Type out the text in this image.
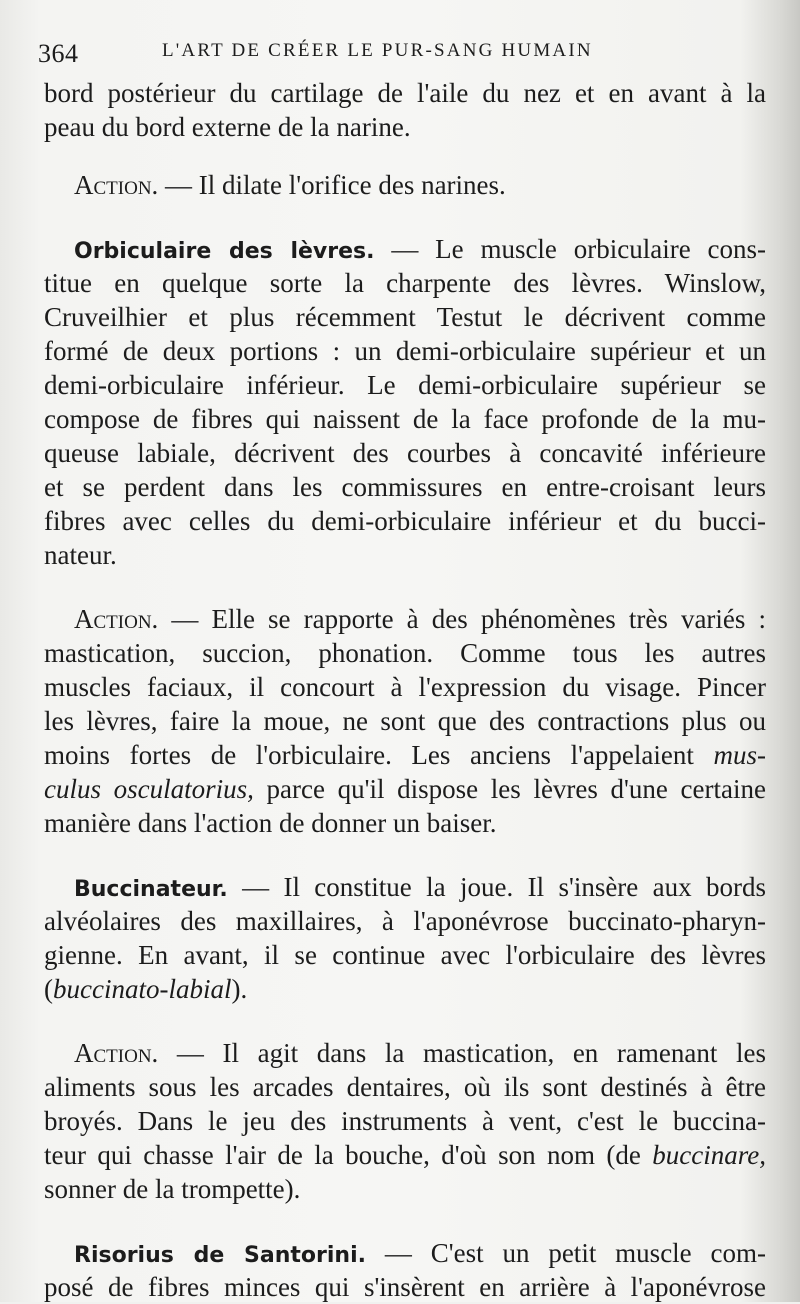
364	L'ART DE CRÉER LE PUR-SANG HUMAIN
bord postérieur du cartilage de l'aile du nez et en avant à la
peau du bord externe de la narine.
Action. — Il dilate l'orifice des narines.
Orbiculaire des lèvres. — Le muscle orbiculaire cons-
titue en quelque sorte la charpente des lèvres. Winslow,
Cruveilhier et plus récemment Testut le décrivent comme
formé de deux portions : un demi-orbiculaire supérieur et un
demi-orbiculaire inférieur. Le demi-orbiculaire supérieur se
compose de fibres qui naissent de la face profonde de la mu-
queuse labiale, décrivent des courbes à concavité inférieure
et se perdent dans les commissures en entre-croisant leurs
fibres avec celles du demi-orbiculaire inférieur et du bucci-
nateur.
Action. — Elle se rapporte à des phénomènes très variés :
mastication, succion, phonation. Comme tous les autres
muscles faciaux, il concourt à l'expression du visage. Pincer
les lèvres, faire la moue, ne sont que des contractions plus ou
moins fortes de l'orbiculaire. Les anciens l'appelaient mus-
culus osculatorius, parce qu'il dispose les lèvres d'une certaine
manière dans l'action de donner un baiser.
Buccinateur. — Il constitue la joue. Il s'insère aux bords
alvéolaires des maxillaires, à l'aponévrose buccinato-pharyn-
gienne. En avant, il se continue avec l'orbiculaire des lèvres
(buccinato-labial).
Action. — Il agit dans la mastication, en ramenant les
aliments sous les arcades dentaires, où ils sont destinés à être
broyés. Dans le jeu des instruments à vent, c'est le buccina-
teur qui chasse l'air de la bouche, d'où son nom (de buccinare,
sonner de la trompette).
Risorius de Santorini. — C'est un petit muscle com-
posé de fibres minces qui s'insèrent en arrière à l'aponévrose
